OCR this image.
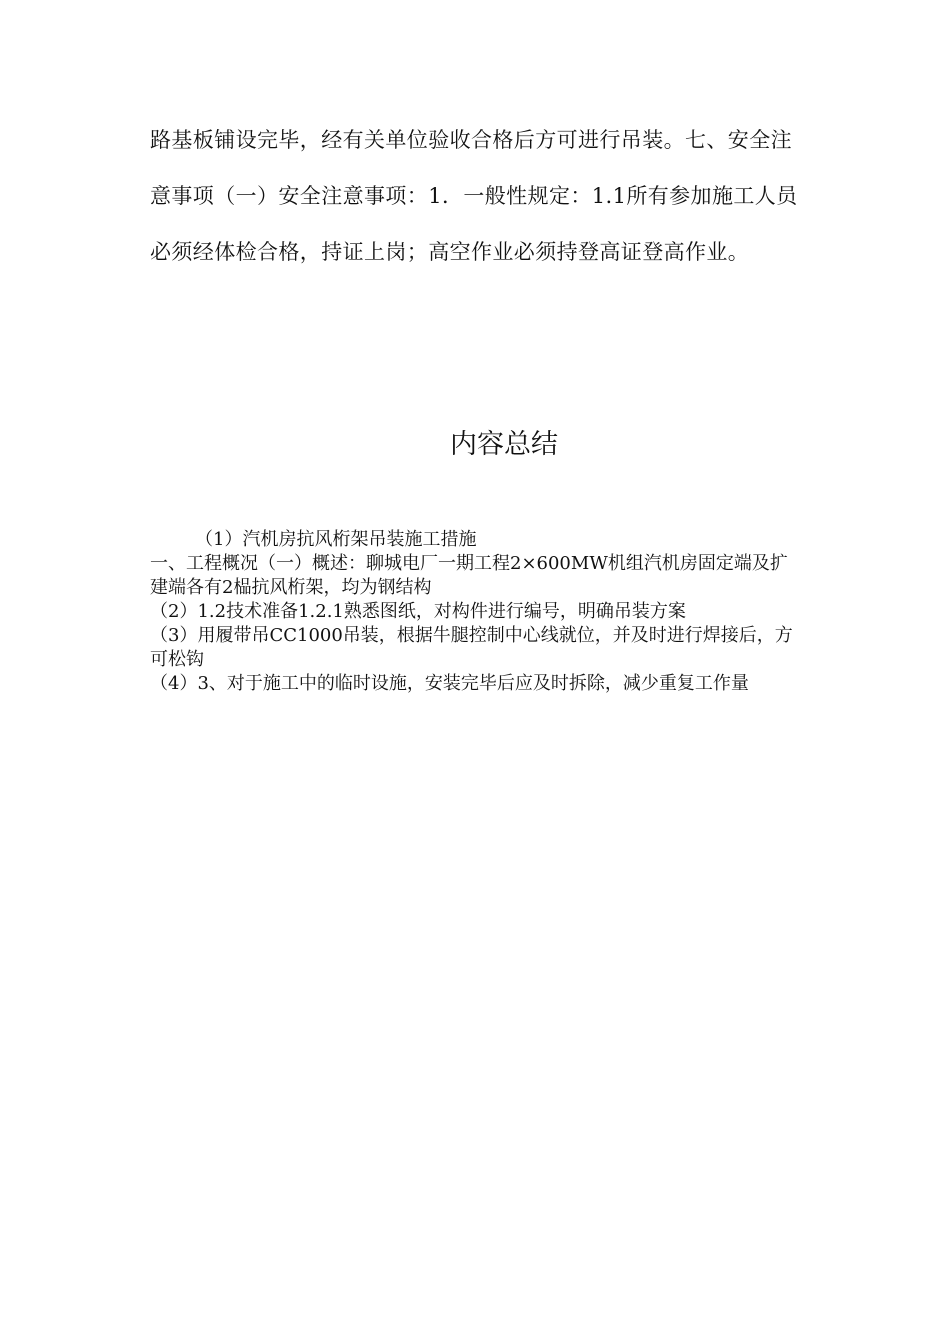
路基板铺设完毕，经有关单位验收合格后方可进行吊装。七、安全注意事项（一）安全注意事项：1．一般性规定：1.1所有参加施工人员必须经体检合格，持证上岗；高空作业必须持登高证登高作业。

内容总结

（1）汽机房抗风桁架吊装施工措施

一、工程概况（一）概述：聊城电厂一期工程2×600MW机组汽机房固定端及扩建端各有2榀抗风桁架，均为钢结构

（2）1.2技术准备1.2.1熟悉图纸，对构件进行编号，明确吊装方案

（3）用履带吊CC1000吊装，根据牛腿控制中心线就位，并及时进行焊接后，方可松钩

（4）3、对于施工中的临时设施，安装完毕后应及时拆除，减少重复工作量
